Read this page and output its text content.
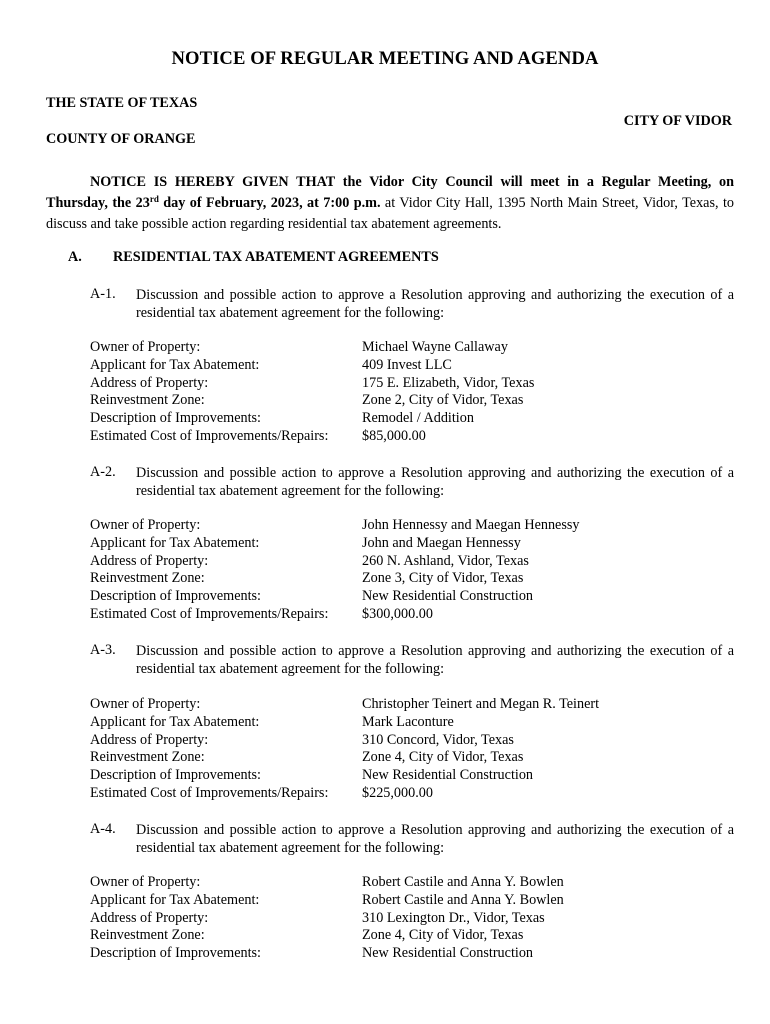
NOTICE OF REGULAR MEETING AND AGENDA
THE STATE OF TEXAS
CITY OF VIDOR
COUNTY OF ORANGE
NOTICE IS HEREBY GIVEN THAT the Vidor City Council will meet in a Regular Meeting, on Thursday, the 23rd day of February, 2023, at 7:00 p.m. at Vidor City Hall, 1395 North Main Street, Vidor, Texas, to discuss and take possible action regarding residential tax abatement agreements.
A. RESIDENTIAL TAX ABATEMENT AGREEMENTS
A-1. Discussion and possible action to approve a Resolution approving and authorizing the execution of a residential tax abatement agreement for the following:
Owner of Property:	Michael Wayne Callaway
Applicant for Tax Abatement:	409 Invest LLC
Address of Property:	175 E. Elizabeth, Vidor, Texas
Reinvestment Zone:	Zone 2, City of Vidor, Texas
Description of Improvements:	Remodel / Addition
Estimated Cost of Improvements/Repairs: $85,000.00
A-2. Discussion and possible action to approve a Resolution approving and authorizing the execution of a residential tax abatement agreement for the following:
Owner of Property:	John Hennessy and Maegan Hennessy
Applicant for Tax Abatement:	John and Maegan Hennessy
Address of Property:	260 N. Ashland, Vidor, Texas
Reinvestment Zone:	Zone 3, City of Vidor, Texas
Description of Improvements:	New Residential Construction
Estimated Cost of Improvements/Repairs: $300,000.00
A-3. Discussion and possible action to approve a Resolution approving and authorizing the execution of a residential tax abatement agreement for the following:
Owner of Property:	Christopher Teinert and Megan R. Teinert
Applicant for Tax Abatement:	Mark Laconture
Address of Property:	310 Concord, Vidor, Texas
Reinvestment Zone:	Zone 4, City of Vidor, Texas
Description of Improvements:	New Residential Construction
Estimated Cost of Improvements/Repairs: $225,000.00
A-4. Discussion and possible action to approve a Resolution approving and authorizing the execution of a residential tax abatement agreement for the following:
Owner of Property:	Robert Castile and Anna Y. Bowlen
Applicant for Tax Abatement:	Robert Castile and Anna Y. Bowlen
Address of Property:	310 Lexington Dr., Vidor, Texas
Reinvestment Zone:	Zone 4, City of Vidor, Texas
Description of Improvements:	New Residential Construction
